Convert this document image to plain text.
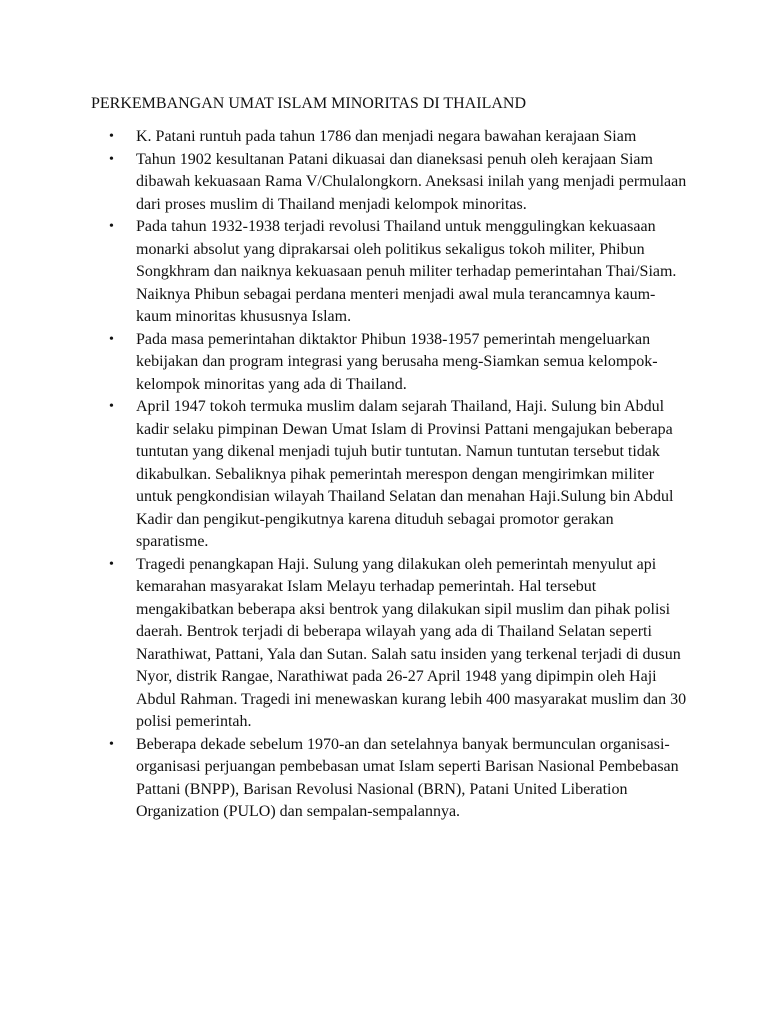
PERKEMBANGAN UMAT ISLAM MINORITAS DI THAILAND
•	K. Patani runtuh pada tahun 1786 dan menjadi negara bawahan kerajaan Siam
•	Tahun 1902 kesultanan Patani dikuasai dan dianeksasi penuh oleh kerajaan Siam dibawah kekuasaan Rama V/Chulalongkorn. Aneksasi inilah yang menjadi permulaan dari proses muslim di Thailand menjadi kelompok minoritas.
•	Pada tahun 1932-1938 terjadi revolusi Thailand untuk menggulingkan kekuasaan monarki absolut yang diprakarsai oleh politikus sekaligus tokoh militer, Phibun Songkhram dan naiknya kekuasaan penuh militer terhadap pemerintahan Thai/Siam. Naiknya Phibun sebagai perdana menteri menjadi awal mula terancamnya kaum-kaum minoritas khususnya Islam.
•	Pada masa pemerintahan diktaktor Phibun 1938-1957 pemerintah mengeluarkan kebijakan dan program integrasi yang berusaha meng-Siamkan semua kelompok-kelompok minoritas yang ada di Thailand.
•	April 1947 tokoh termuka muslim dalam sejarah Thailand, Haji. Sulung bin Abdul kadir selaku pimpinan Dewan Umat Islam di Provinsi Pattani mengajukan beberapa tuntutan yang dikenal menjadi tujuh butir tuntutan. Namun tuntutan tersebut tidak dikabulkan. Sebaliknya pihak pemerintah merespon dengan mengirimkan militer untuk pengkondisian wilayah Thailand Selatan dan menahan Haji.Sulung bin Abdul Kadir dan pengikut-pengikutnya karena dituduh sebagai promotor gerakan sparatisme.
•	Tragedi penangkapan Haji. Sulung yang dilakukan oleh pemerintah menyulut api kemarahan masyarakat Islam Melayu terhadap pemerintah. Hal tersebut mengakibatkan beberapa aksi bentrok yang dilakukan sipil muslim dan pihak polisi daerah. Bentrok terjadi di beberapa wilayah yang ada di Thailand Selatan seperti Narathiwat, Pattani, Yala dan Sutan. Salah satu insiden yang terkenal terjadi di dusun Nyor, distrik Rangae, Narathiwat pada 26-27 April 1948 yang dipimpin oleh Haji Abdul Rahman. Tragedi ini menewaskan kurang lebih 400 masyarakat muslim dan 30 polisi pemerintah.
•	Beberapa dekade sebelum 1970-an dan setelahnya banyak bermunculan organisasi-organisasi perjuangan pembebasan umat Islam seperti Barisan Nasional Pembebasan Pattani (BNPP), Barisan Revolusi Nasional (BRN), Patani United Liberation Organization (PULO) dan sempalan-sempalannya.
